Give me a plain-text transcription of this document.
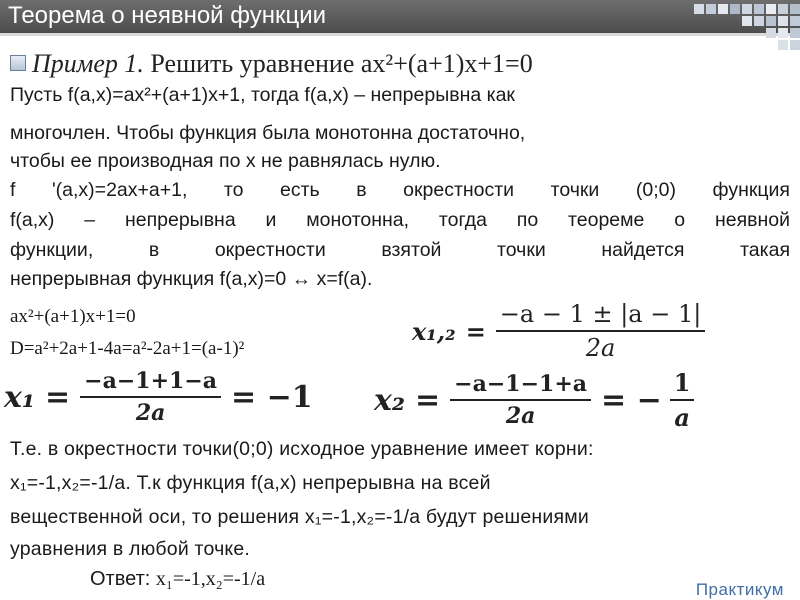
Теорема о неявной функции
Пример 1. Решить уравнение ax²+(a+1)x+1=0
Пусть f(a,x)=ax²+(a+1)x+1, тогда f(a,x) – непрерывна как
многочлен. Чтобы функция была монотонна достаточно,
чтобы ее производная по x не равнялась нулю.
f '(a,x)=2ax+a+1, то есть в окрестности точки (0;0) функция
f(a,x) – непрерывна и монотонна, тогда по теореме о неявной
функции, в окрестности взятой точки найдется такая
непрерывная функция f(a,x)=0 ↔ x=f(a).
ax²+(a+1)x+1=0
D=a²+2a+1-4a=a²-2a+1=(a-1)²
$x_1,_2 = \frac{-a - 1 \pm |a - 1|}{2a}$
$x_1 = \frac{-a-1+1-a}{2a} = -1$ $x_2 = \frac{-a-1-1+a}{2a}$ = − $\frac{1}{a}$
Т.е. в окрестности точки(0;0) исходное уравнение имеет корни:
x₁=-1,x₂=-1/a. Т.к функция f(a,x) непрерывна на всей
вещественной оси, то решения x₁=-1,x₂=-1/a будут решениями
уравнения в любой точке.
Ответ: x₁=-1,x₂=-1/a	Практикум
